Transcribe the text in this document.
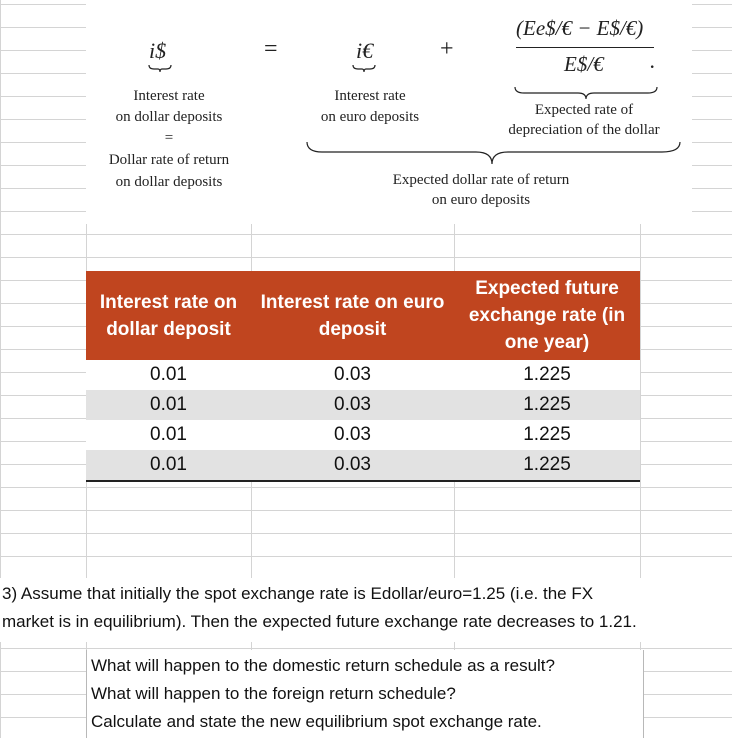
i$	=	i€	+
(Ee$/€ − E$/€)
E$/€ .
Interest rate
on dollar deposits
=
Dollar rate of return
on dollar deposits
Interest rate
on euro deposits	Expected rate of
depreciation of the dollar
Expected dollar rate of return
on euro deposits
Interest rate on dollar deposit	Interest rate on euro deposit	Expected future exchange rate (in one year)
0.01	0.03	1.225
0.01	0.03	1.225
0.01	0.03	1.225
0.01	0.03	1.225
3) Assume that initially the spot exchange rate is Edollar/euro=1.25 (i.e. the FX
market is in equilibrium). Then the expected future exchange rate decreases to 1.21.
What will happen to the domestic return schedule as a result?
What will happen to the foreign return schedule?
Calculate and state the new equilibrium spot exchange rate.
